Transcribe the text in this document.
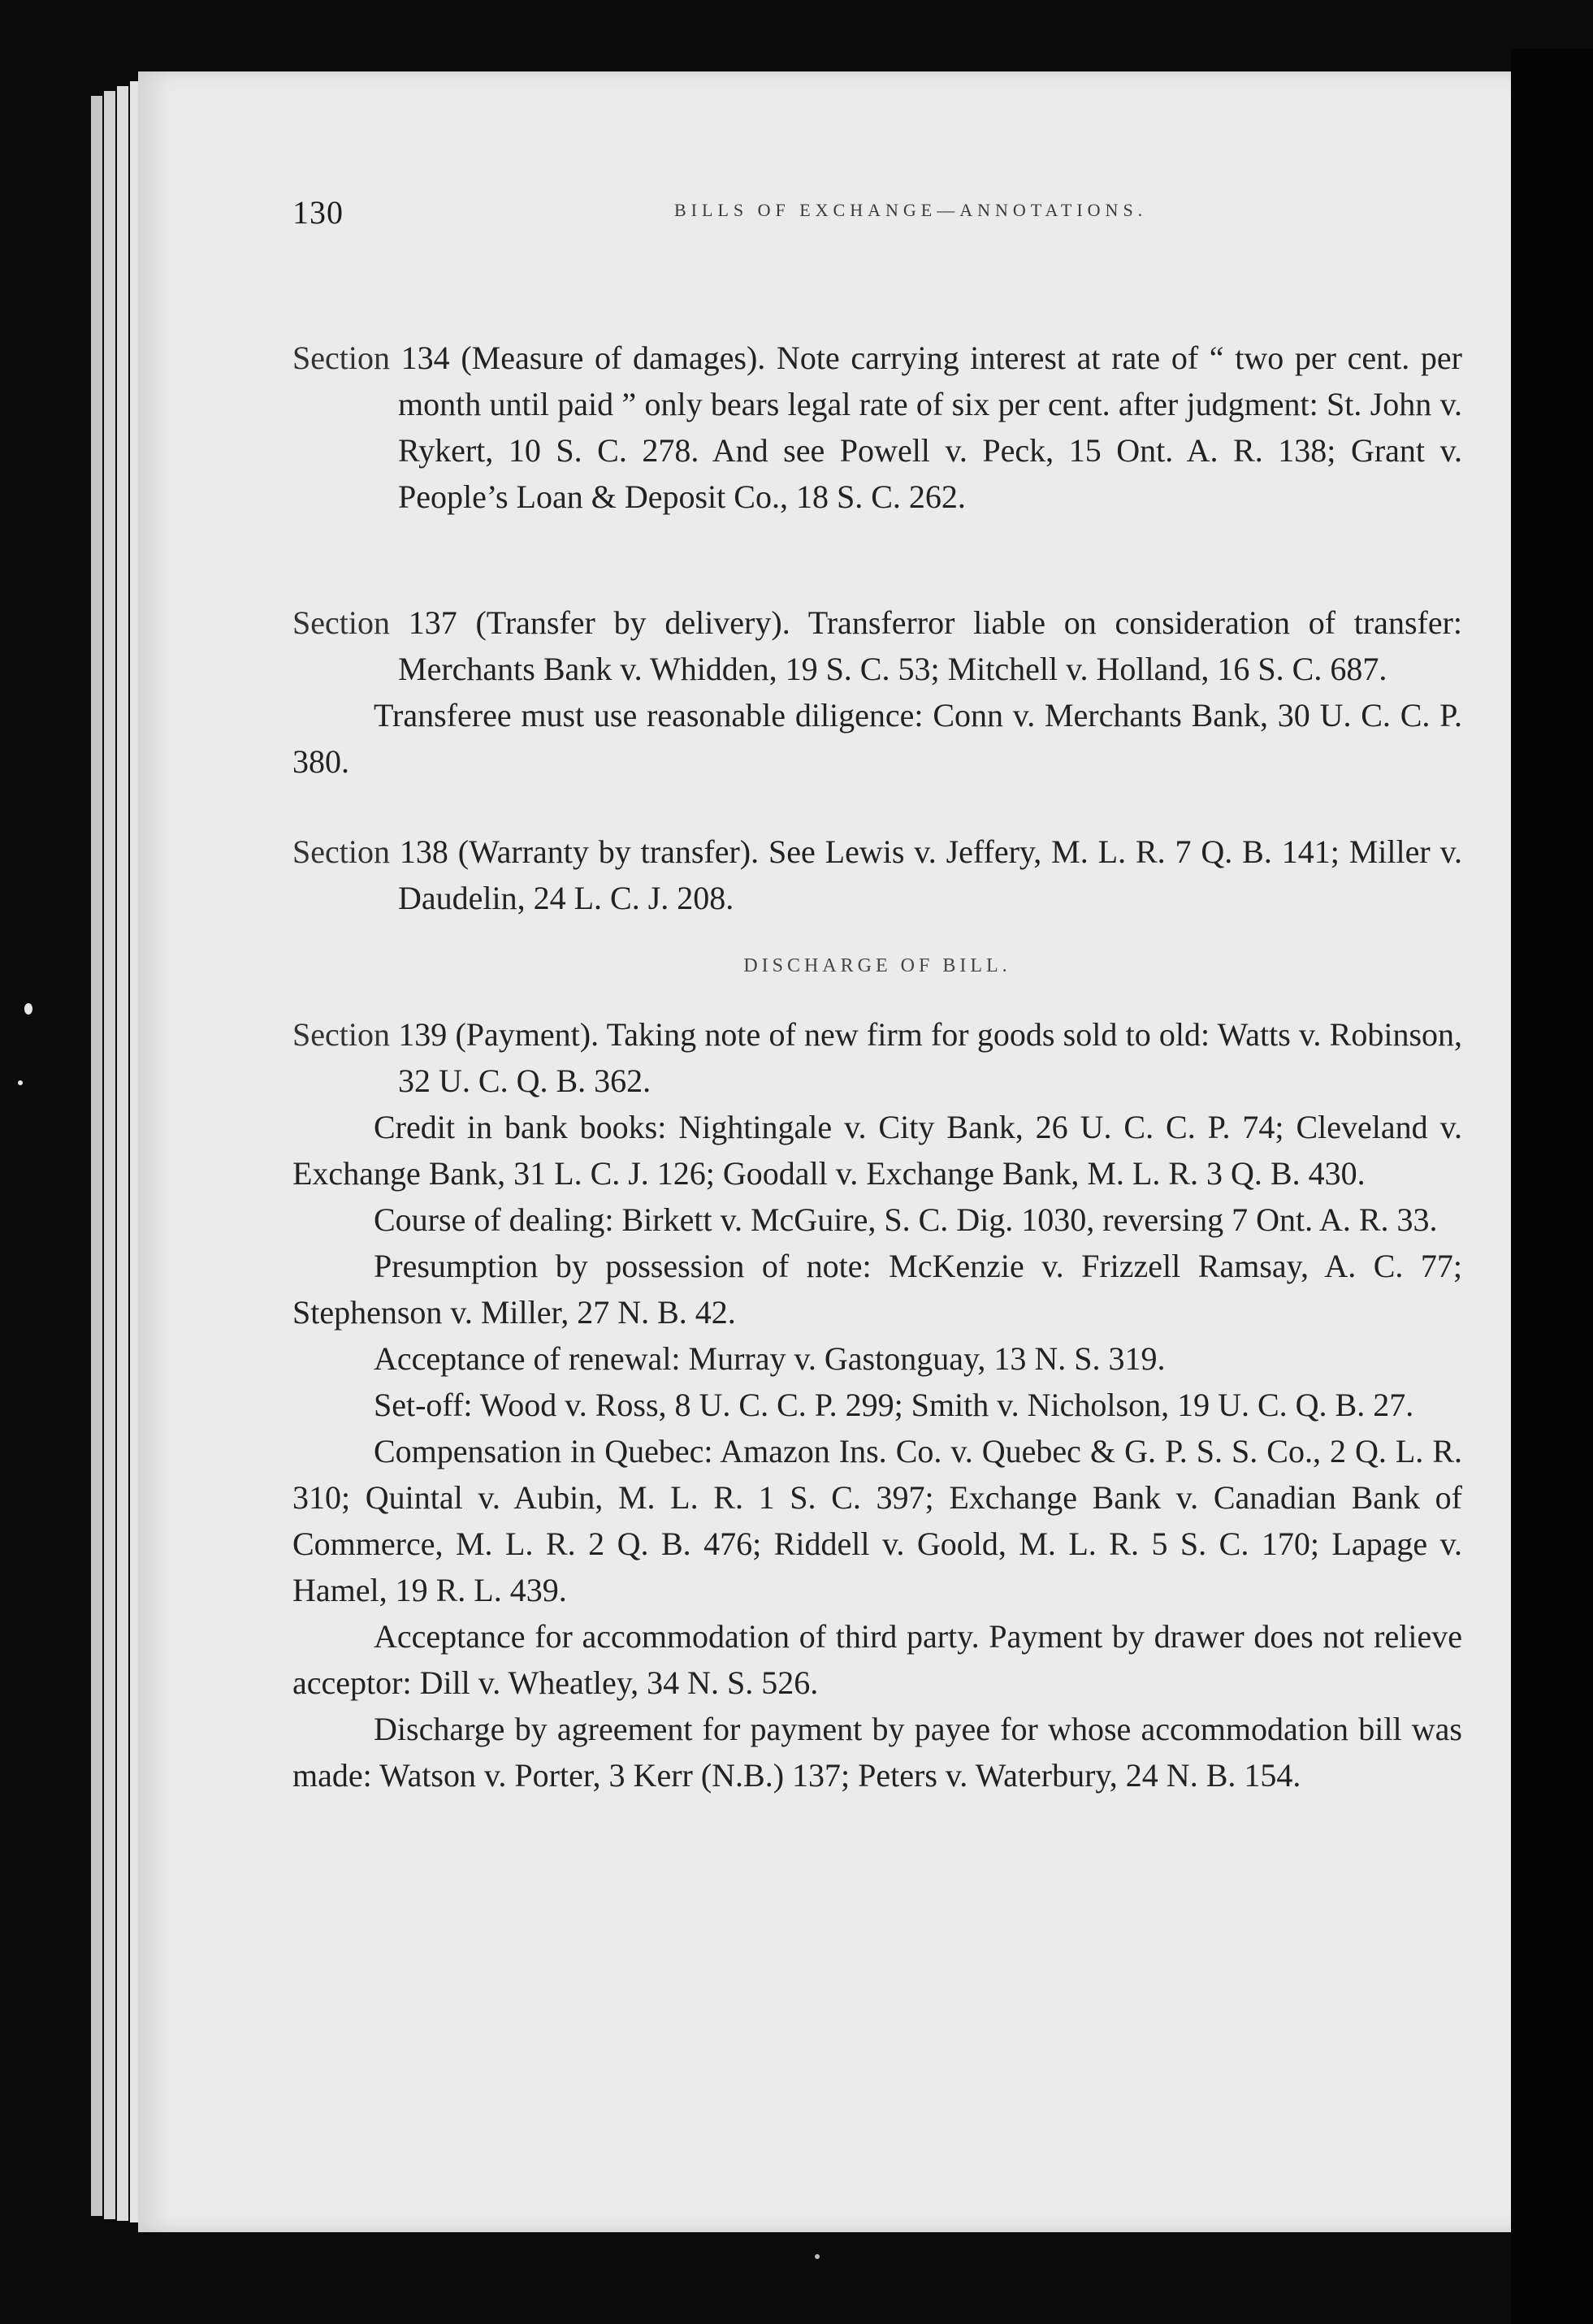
130	BILLS OF EXCHANGE—ANNOTATIONS.

Section 134 (Measure of damages). Note carrying interest at rate of “ two per cent. per month until paid ” only bears legal rate of six per cent. after judgment: St. John v. Rykert, 10 S. C. 278. And see Powell v. Peck, 15 Ont. A. R. 138; Grant v. People’s Loan & Deposit Co., 18 S. C. 262.

Section 137 (Transfer by delivery). Transferror liable on consideration of transfer: Merchants Bank v. Whidden, 19 S. C. 53; Mitchell v. Holland, 16 S. C. 687.

Transferee must use reasonable diligence: Conn v. Merchants Bank, 30 U. C. C. P. 380.

Section 138 (Warranty by transfer). See Lewis v. Jeffery, M. L. R. 7 Q. B. 141; Miller v. Daudelin, 24 L. C. J. 208.

DISCHARGE OF BILL.

Section 139 (Payment). Taking note of new firm for goods sold to old: Watts v. Robinson, 32 U. C. Q. B. 362.

Credit in bank books: Nightingale v. City Bank, 26 U. C. C. P. 74; Cleveland v. Exchange Bank, 31 L. C. J. 126; Goodall v. Exchange Bank, M. L. R. 3 Q. B. 430.

Course of dealing: Birkett v. McGuire, S. C. Dig. 1030, reversing 7 Ont. A. R. 33.

Presumption by possession of note: McKenzie v. Frizzell Ramsay, A. C. 77; Stephenson v. Miller, 27 N. B. 42.

Acceptance of renewal: Murray v. Gastonguay, 13 N. S. 319.

Set-off: Wood v. Ross, 8 U. C. C. P. 299; Smith v. Nicholson, 19 U. C. Q. B. 27.

Compensation in Quebec: Amazon Ins. Co. v. Quebec & G. P. S. S. Co., 2 Q. L. R. 310; Quintal v. Aubin, M. L. R. 1 S. C. 397; Exchange Bank v. Canadian Bank of Commerce, M. L. R. 2 Q. B. 476; Riddell v. Goold, M. L. R. 5 S. C. 170; Lapage v. Hamel, 19 R. L. 439.

Acceptance for accommodation of third party. Payment by drawer does not relieve acceptor: Dill v. Wheatley, 34 N. S. 526.

Discharge by agreement for payment by payee for whose accommodation bill was made: Watson v. Porter, 3 Kerr (N.B.) 137; Peters v. Waterbury, 24 N. B. 154.
